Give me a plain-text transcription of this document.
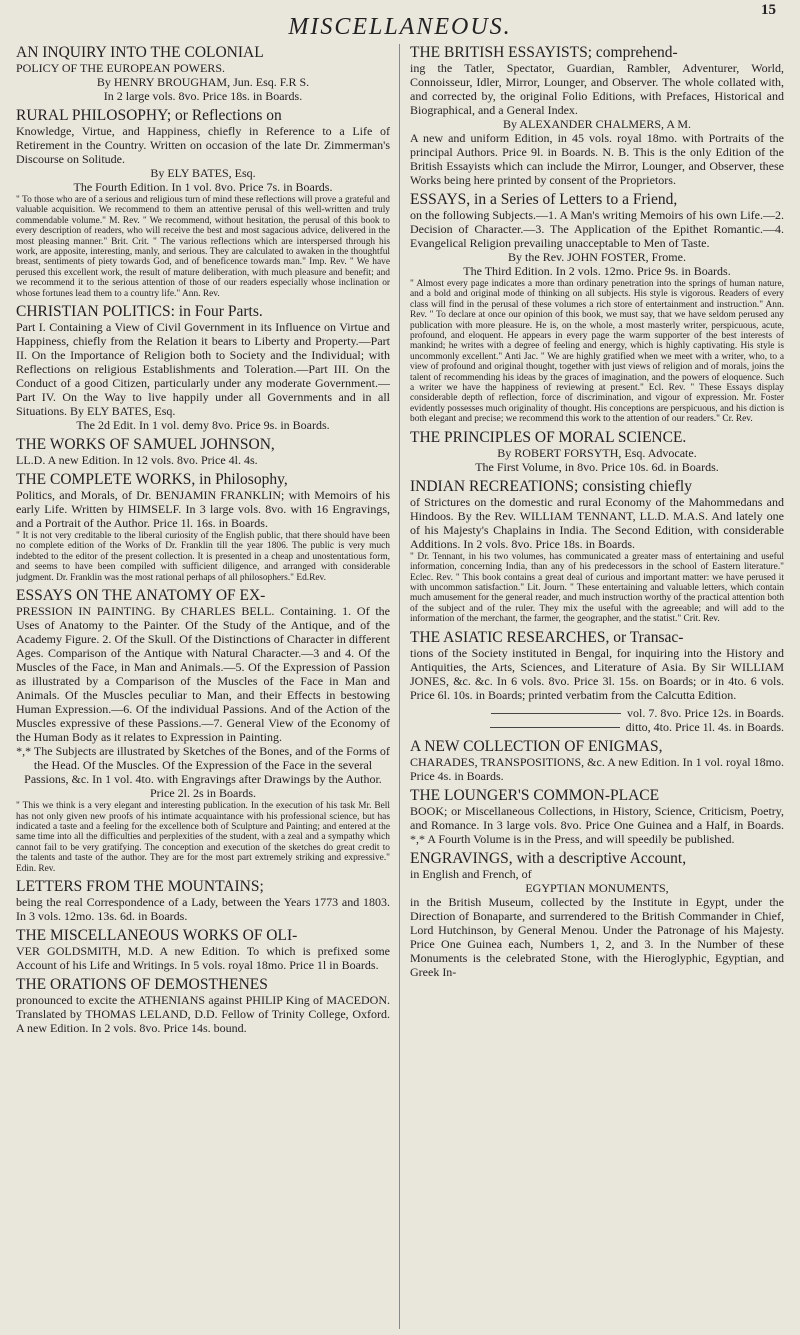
15
MISCELLANEOUS.

AN INQUIRY INTO THE COLONIAL

POLICY OF THE EUROPEAN POWERS.

By HENRY BROUGHAM, Jun. Esq. F.R S.

In 2 large vols. 8vo. Price 18s. in Boards.

RURAL PHILOSOPHY; or Reflections on

Knowledge, Virtue, and Happiness, chiefly in Reference to a Life of Retirement in the Country. Written on occasion of the late Dr. Zimmerman's Discourse on Solitude.

By ELY BATES, Esq.

The Fourth Edition. In 1 vol. 8vo. Price 7s. in Boards.

" To those who are of a serious and religious turn of mind these reflections will prove a grateful and valuable acquisition. We recommend to them an attentive perusal of this well-written and truly commendable volume." M. Rev. " We recommend, without hesitation, the perusal of this book to every description of readers, who will receive the best and most sagacious advice, delivered in the most pleasing manner." Brit. Crit. " The various reflections which are interspersed through his work, are apposite, interesting, manly, and serious. They are calculated to awaken in the thoughtful breast, sentiments of piety towards God, and of beneficence towards man." Imp. Rev. " We have perused this excellent work, the result of mature deliberation, with much pleasure and benefit; and we recommend it to the serious attention of those of our readers especially whose inclination or whose fortunes lead them to a country life." Ann. Rev.

CHRISTIAN POLITICS: in Four Parts.

Part I. Containing a View of Civil Government in its Influence on Virtue and Happiness, chiefly from the Relation it bears to Liberty and Property.—Part II. On the Importance of Religion both to Society and the Individual; with Reflections on religious Establishments and Toleration.—Part III. On the Conduct of a good Citizen, particularly under any moderate Government.—Part IV. On the Way to live happily under all Governments and in all Situations. By ELY BATES, Esq.

The 2d Edit. In 1 vol. demy 8vo. Price 9s. in Boards.

THE WORKS OF SAMUEL JOHNSON,

LL.D. A new Edition. In 12 vols. 8vo. Price 4l. 4s.

THE COMPLETE WORKS, in Philosophy,

Politics, and Morals, of Dr. BENJAMIN FRANKLIN; with Memoirs of his early Life. Written by HIMSELF. In 3 large vols. 8vo. with 16 Engravings, and a Portrait of the Author. Price 1l. 16s. in Boards.

" It is not very creditable to the liberal curiosity of the English public, that there should have been no complete edition of the Works of Dr. Franklin till the year 1806. The public is very much indebted to the editor of the present collection. It is presented in a cheap and unostentatious form, and seems to have been compiled with sufficient diligence, and arranged with considerable judgment. Dr. Franklin was the most rational perhaps of all philosophers." Ed.Rev.

ESSAYS ON THE ANATOMY OF EX-

PRESSION IN PAINTING. By CHARLES BELL. Containing. 1. Of the Uses of Anatomy to the Painter. Of the Study of the Antique, and of the Academy Figure. 2. Of the Skull. Of the Distinctions of Character in different Ages. Comparison of the Antique with Natural Character.—3 and 4. Of the Muscles of the Face, in Man and Animals.—5. Of the Expression of Passion as illustrated by a Comparison of the Muscles of the Face in Man and Animals. Of the Muscles peculiar to Man, and their Effects in bestowing Human Expression.—6. Of the individual Passions. And of the Action of the Muscles expressive of these Passions.—7. General View of the Economy of the Human Body as it relates to Expression in Painting.

*,* The Subjects are illustrated by Sketches of the Bones, and of the Forms of the Head. Of the Muscles. Of the Expression of the Face in the several Passions, &c. In 1 vol. 4to. with Engravings after Drawings by the Author. Price 2l. 2s in Boards.

" This we think is a very elegant and interesting publication. In the execution of his task Mr. Bell has not only given new proofs of his intimate acquaintance with his professional science, but has indicated a taste and a feeling for the excellence both of Sculpture and Painting; and entered at the same time into all the difficulties and perplexities of the student, with a zeal and a sympathy which cannot fail to be very gratifying. The conception and execution of the sketches do great credit to the talents and taste of the author. They are for the most part extremely striking and expressive." Edin. Rev.

LETTERS FROM THE MOUNTAINS;

being the real Correspondence of a Lady, between the Years 1773 and 1803. In 3 vols. 12mo. 13s. 6d. in Boards.

THE MISCELLANEOUS WORKS OF OLI-

VER GOLDSMITH, M.D. A new Edition. To which is prefixed some Account of his Life and Writings. In 5 vols. royal 18mo. Price 1l in Boards.

THE ORATIONS OF DEMOSTHENES

pronounced to excite the ATHENIANS against PHILIP King of MACEDON. Translated by THOMAS LELAND, D.D. Fellow of Trinity College, Oxford. A new Edition. In 2 vols. 8vo. Price 14s. bound.

THE BRITISH ESSAYISTS; comprehend-

ing the Tatler, Spectator, Guardian, Rambler, Adventurer, World, Connoisseur, Idler, Mirror, Lounger, and Observer. The whole collated with, and corrected by, the original Folio Editions, with Prefaces, Historical and Biographical, and a General Index.

By ALEXANDER CHALMERS, A M.

A new and uniform Edition, in 45 vols. royal 18mo. with Portraits of the principal Authors. Price 9l. in Boards. N. B. This is the only Edition of the British Essayists which can include the Mirror, Lounger, and Observer, these Works being here printed by consent of the Proprietors.

ESSAYS, in a Series of Letters to a Friend,

on the following Subjects.—1. A Man's writing Memoirs of his own Life.—2. Decision of Character.—3. The Application of the Epithet Romantic.—4. Evangelical Religion prevailing unacceptable to Men of Taste.

By the Rev. JOHN FOSTER, Frome.

The Third Edition. In 2 vols. 12mo. Price 9s. in Boards.

" Almost every page indicates a more than ordinary penetration into the springs of human nature, and a bold and original mode of thinking on all subjects. His style is vigorous. Readers of every class will find in the perusal of these volumes a rich store of entertainment and instruction." Ann. Rev. " To declare at once our opinion of this book, we must say, that we have seldom perused any publication with more pleasure. He is, on the whole, a most masterly writer, perspicuous, acute, profound, and eloquent. He appears in every page the warm supporter of the best interests of mankind; he writes with a degree of feeling and energy, which is highly captivating. His style is uncommonly excellent." Anti Jac. " We are highly gratified when we meet with a writer, who, to a view of profound and original thought, together with just views of religion and of morals, joins the talent of recommending his ideas by the graces of imagination, and the powers of eloquence. Such a writer we have the happiness of reviewing at present." Ecl. Rev. " These Essays display considerable depth of reflection, force of discrimination, and vigour of expression. Mr. Foster evidently possesses much originality of thought. His conceptions are perspicuous, and his diction is both elegant and precise; we recommend this work to the attention of our readers." Cr. Rev.

THE PRINCIPLES OF MORAL SCIENCE.

By ROBERT FORSYTH, Esq. Advocate.

The First Volume, in 8vo. Price 10s. 6d. in Boards.

INDIAN RECREATIONS; consisting chiefly

of Strictures on the domestic and rural Economy of the Mahommedans and Hindoos. By the Rev. WILLIAM TENNANT, LL.D. M.A.S. And lately one of his Majesty's Chaplains in India. The Second Edition, with considerable Additions. In 2 vols. 8vo. Price 18s. in Boards.

" Dr. Tennant, in his two volumes, has communicated a greater mass of entertaining and useful information, concerning India, than any of his predecessors in the school of Eastern literature." Eclec. Rev. " This book contains a great deal of curious and important matter: we have perused it with uncommon satisfaction." Lit. Journ. " These entertaining and valuable letters, which contain much amusement for the general reader, and much instruction worthy of the practical attention both of the subject and of the ruler. They mix the useful with the agreeable; and will add to the information of the merchant, the farmer, the geographer, and the statist." Crit. Rev.

THE ASIATIC RESEARCHES, or Transac-

tions of the Society instituted in Bengal, for inquiring into the History and Antiquities, the Arts, Sciences, and Literature of Asia. By Sir WILLIAM JONES, &c. &c. In 6 vols. 8vo. Price 3l. 15s. on Boards; or in 4to. 6 vols. Price 6l. 10s. in Boards; printed verbatim from the Calcutta Edition.

vol. 7. 8vo. Price 12s. in Boards.

ditto, 4to. Price 1l. 4s. in Boards.

A NEW COLLECTION OF ENIGMAS,

CHARADES, TRANSPOSITIONS, &c. A new Edition. In 1 vol. royal 18mo. Price 4s. in Boards.

THE LOUNGER'S COMMON-PLACE

BOOK; or Miscellaneous Collections, in History, Science, Criticism, Poetry, and Romance. In 3 large vols. 8vo. Price One Guinea and a Half, in Boards. *,* A Fourth Volume is in the Press, and will speedily be published.

ENGRAVINGS, with a descriptive Account,

in English and French, of

EGYPTIAN MONUMENTS,

in the British Museum, collected by the Institute in Egypt, under the Direction of Bonaparte, and surrendered to the British Commander in Chief, Lord Hutchinson, by General Menou. Under the Patronage of his Majesty. Price One Guinea each, Numbers 1, 2, and 3. In the Number of these Monuments is the celebrated Stone, with the Hieroglyphic, Egyptian, and Greek In-
